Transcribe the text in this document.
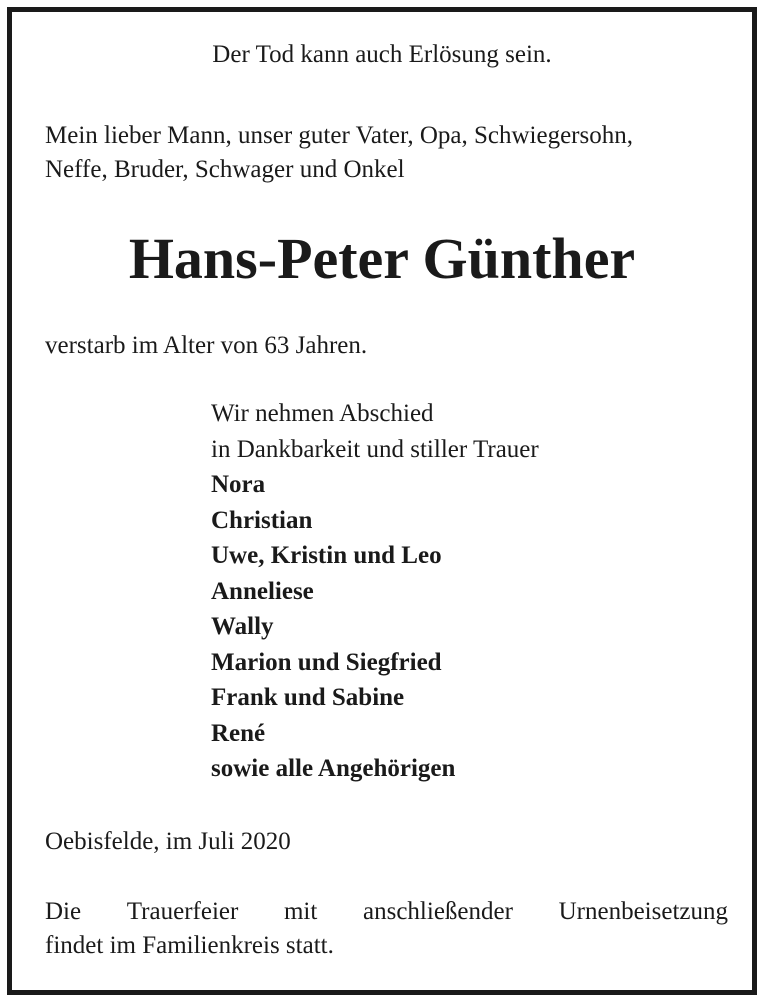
Der Tod kann auch Erlösung sein.
Mein lieber Mann, unser guter Vater, Opa, Schwiegersohn,
Neffe, Bruder, Schwager und Onkel
Hans-Peter Günther
verstarb im Alter von 63 Jahren.
Wir nehmen Abschied
in Dankbarkeit und stiller Trauer
Nora
Christian
Uwe, Kristin und Leo
Anneliese
Wally
Marion und Siegfried
Frank und Sabine
René
sowie alle Angehörigen
Oebisfelde, im Juli 2020
Die Trauerfeier mit anschließender Urnenbeisetzung
findet im Familienkreis statt.
